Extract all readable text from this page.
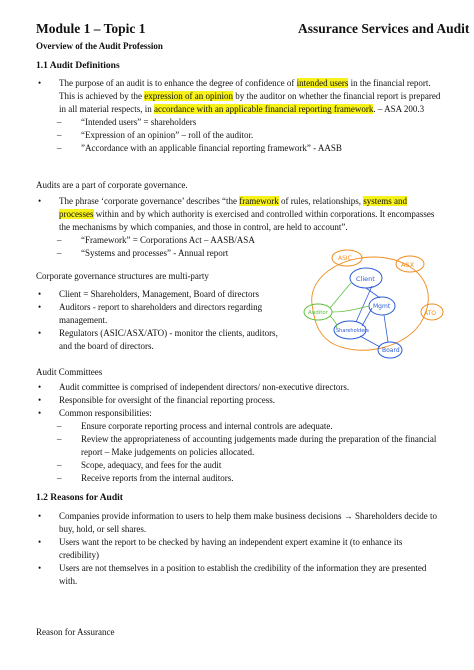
Module 1 – Topic 1	Assurance Services and Audit
Overview of the Audit Profession
1.1 Audit Definitions
• The purpose of an audit is to enhance the degree of confidence of intended users in the financial report. This is achieved by the expression of an opinion by the auditor on whether the financial report is prepared in all material respects, in accordance with an applicable financial reporting framework. – ASA 200.3
– “Intended users” = shareholders
– “Expression of an opinion” – roll of the auditor.
– ”Accordance with an applicable financial reporting framework” - AASB
Audits are a part of corporate governance.
• The phrase ‘corporate governance’ describes “the framework of rules, relationships, systems and processes within and by which authority is exercised and controlled within corporations. It encompasses the mechanisms by which companies, and those in control, are held to account”.
– “Framework” = Corporations Act – AASB/ASA
– “Systems and processes” - Annual report
Corporate governance structures are multi-party
• Client = Shareholders, Management, Board of directors
• Auditors - report to shareholders and directors regarding management.
• Regulators (ASIC/ASX/ATO) - monitor the clients, auditors, and the board of directors.
ASIC
ASX
ATO
Client
Auditor
Shareholders
Mgmt
Board
Audit Committees
• Audit committee is comprised of independent directors/ non-executive directors.
• Responsible for oversight of the financial reporting process.
• Common responsibilities:
– Ensure corporate reporting process and internal controls are adequate.
– Review the appropriateness of accounting judgements made during the preparation of the financial report – Make judgements on policies allocated.
– Scope, adequacy, and fees for the audit
– Receive reports from the internal auditors.
1.2 Reasons for Audit
• Companies provide information to users to help them make business decisions → Shareholders decide to buy, hold, or sell shares.
• Users want the report to be checked by having an independent expert examine it (to enhance its credibility)
• Users are not themselves in a position to establish the credibility of the information they are presented with.
Reason for Assurance
